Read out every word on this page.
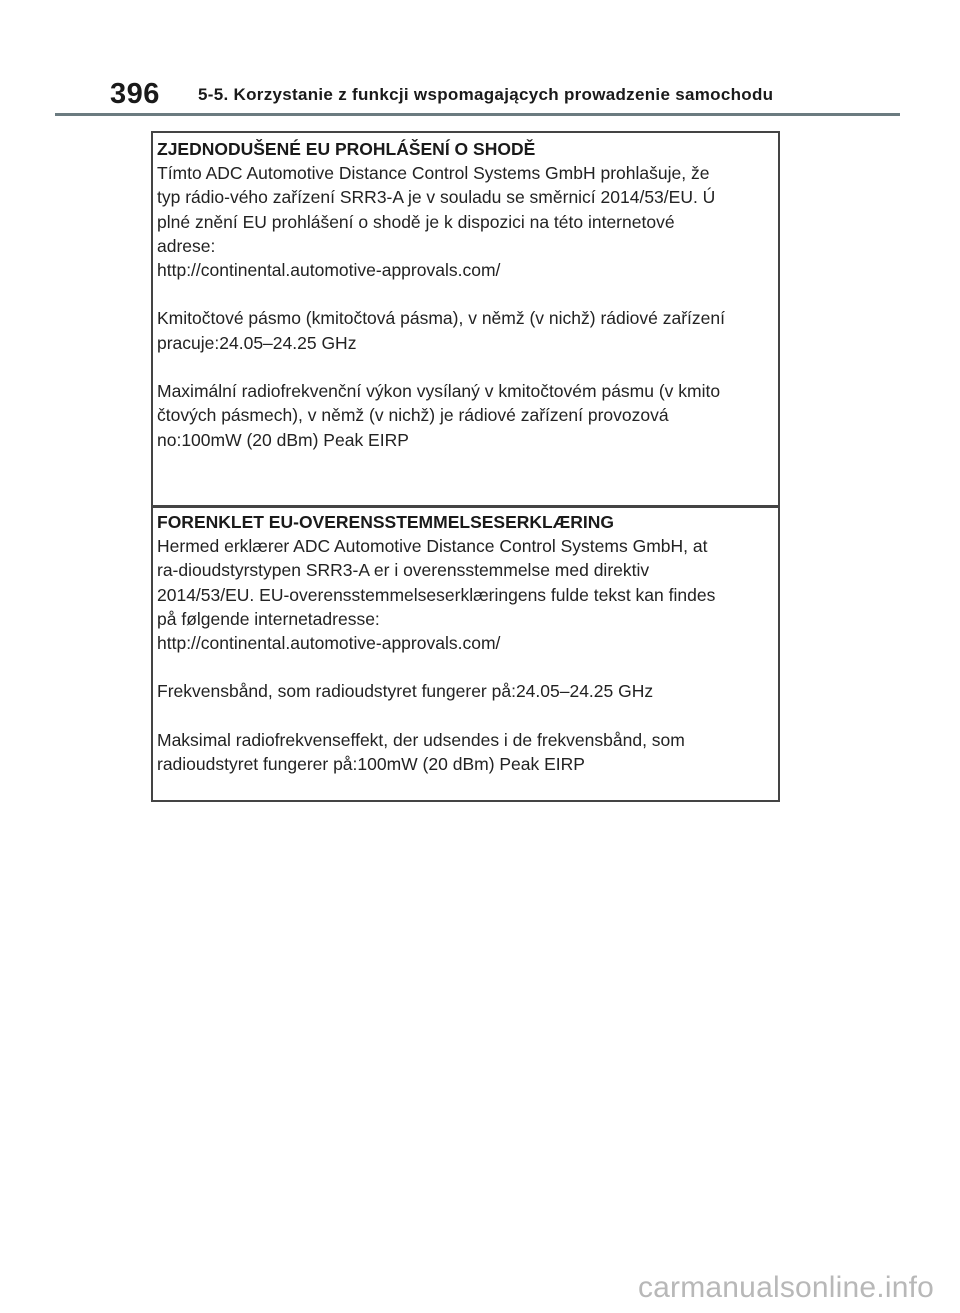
396 5-5. Korzystanie z funkcji wspomagających prowadzenie samochodu
ZJEDNODUŠENÉ EU PROHLÁŠENÍ O SHODĚ
Tímto ADC Automotive Distance Control Systems GmbH prohlašuje, že
typ rádio-vého zařízení SRR3-A je v souladu se směrnicí 2014/53/EU. Ú
plné znění EU prohlášení o shodě je k dispozici na této internetové
adrese:
http://continental.automotive-approvals.com/
Kmitočtové pásmo (kmitočtová pásma), v němž (v nichž) rádiové zařízení
pracuje:24.05–24.25 GHz
Maximální radiofrekvenční výkon vysílaný v kmitočtovém pásmu (v kmito
čtových pásmech), v němž (v nichž) je rádiové zařízení provozová
no:100mW (20 dBm) Peak EIRP
FORENKLET EU-OVERENSSTEMMELSESERKLÆRING
Hermed erklærer ADC Automotive Distance Control Systems GmbH, at
ra-dioudstyrstypen SRR3-A er i overensstemmelse med direktiv
2014/53/EU. EU-overensstemmelseserklæringens fulde tekst kan findes
på følgende internetadresse:
http://continental.automotive-approvals.com/
Frekvensbånd, som radioudstyret fungerer på:24.05–24.25 GHz
Maksimal radiofrekvenseffekt, der udsendes i de frekvensbånd, som
radioudstyret fungerer på:100mW (20 dBm) Peak EIRP
carmanualsonline.info
